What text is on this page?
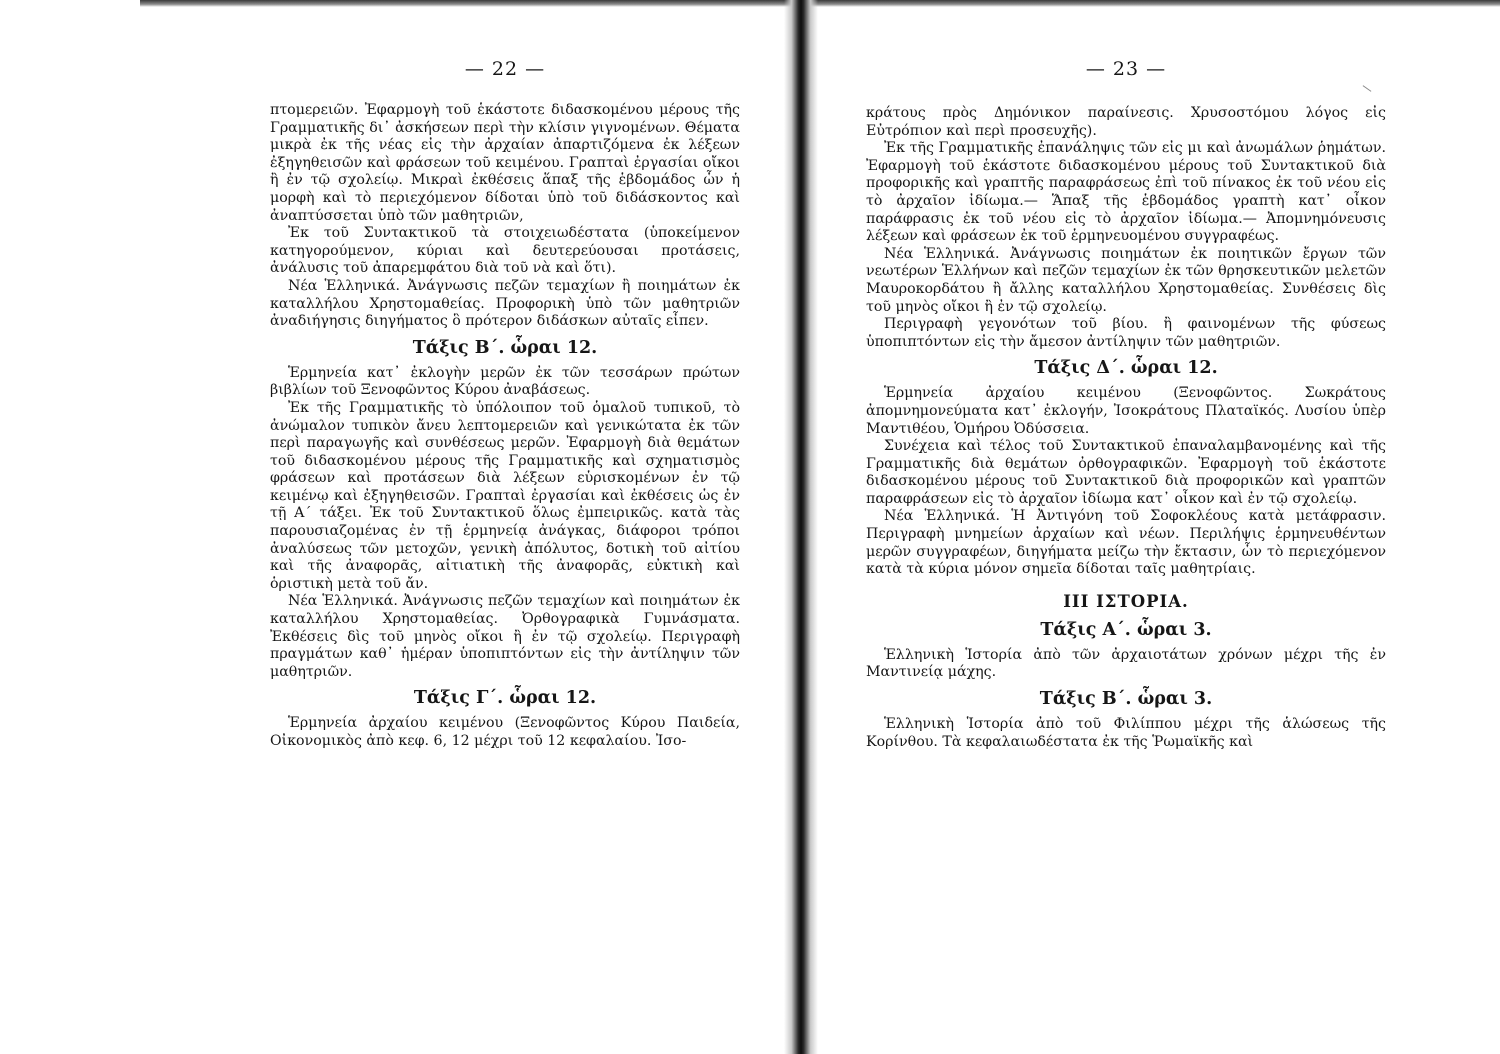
— 22 —

πτομερειῶν. Ἐφαρμογὴ τοῦ ἑκάστοτε διδασκομένου μέρους τῆς Γραμματικῆς δι᾽ ἀσκήσεων περὶ τὴν κλίσιν γιγνομένων. Θέματα μικρὰ ἐκ τῆς νέας εἰς τὴν ἀρχαίαν ἀπαρτιζόμενα ἐκ λέξεων ἐξηγηθεισῶν καὶ φράσεων τοῦ κειμένου. Γραπταὶ ἐργασίαι οἴκοι ἢ ἐν τῷ σχολείῳ. Μικραὶ ἐκθέσεις ἅπαξ τῆς ἑβδομάδος ὧν ἡ μορφὴ καὶ τὸ περιεχόμενον δίδοται ὑπὸ τοῦ διδάσκοντος καὶ ἀναπτύσσεται ὑπὸ τῶν μαθητριῶν,

Ἐκ τοῦ Συντακτικοῦ τὰ στοιχειωδέστατα (ὑποκείμενον κατηγορούμενον, κύριαι καὶ δευτερεύουσαι προτάσεις, ἀνάλυσις τοῦ ἀπαρεμφάτου διὰ τοῦ νὰ καὶ ὅτι).

Νέα Ἑλληνικά. Ἀνάγνωσις πεζῶν τεμαχίων ἢ ποιημάτων ἐκ καταλλήλου Χρηστομαθείας. Προφορικὴ ὑπὸ τῶν μαθητριῶν ἀναδιήγησις διηγήματος ὃ πρότερον διδάσκων αὐταῖς εἶπεν.

Τάξις Β΄. ὧραι 12.

Ἑρμηνεία κατ᾽ ἐκλογὴν μερῶν ἐκ τῶν τεσσάρων πρώτων βιβλίων τοῦ Ξενοφῶντος Κύρου ἀναβάσεως.

Ἐκ τῆς Γραμματικῆς τὸ ὑπόλοιπον τοῦ ὁμαλοῦ τυπικοῦ, τὸ ἀνώμαλον τυπικὸν ἄνευ λεπτομερειῶν καὶ γενικώτατα ἐκ τῶν περὶ παραγωγῆς καὶ συνθέσεως μερῶν. Ἐφαρμογὴ διὰ θεμάτων τοῦ διδασκομένου μέρους τῆς Γραμματικῆς καὶ σχηματισμὸς φράσεων καὶ προτάσεων διὰ λέξεων εὑρισκομένων ἐν τῷ κειμένῳ καὶ ἐξηγηθεισῶν. Γραπταὶ ἐργασίαι καὶ ἐκθέσεις ὡς ἐν τῇ Α΄ τάξει. Ἐκ τοῦ Συντακτικοῦ ὅλως ἐμπειρικῶς. κατὰ τὰς παρουσιαζομένας ἐν τῇ ἑρμηνείᾳ ἀνάγκας, διάφοροι τρόποι ἀναλύσεως τῶν μετοχῶν, γενικὴ ἀπόλυτος, δοτικὴ τοῦ αἰτίου καὶ τῆς ἀναφορᾶς, αἰτιατικὴ τῆς ἀναφορᾶς, εὐκτικὴ καὶ ὁριστικὴ μετὰ τοῦ ἄν.

Νέα Ἑλληνικά. Ἀνάγνωσις πεζῶν τεμαχίων καὶ ποιημάτων ἐκ καταλλήλου Χρηστομαθείας. Ὀρθογραφικὰ Γυμνάσματα. Ἐκθέσεις δὶς τοῦ μηνὸς οἴκοι ἢ ἐν τῷ σχολείῳ. Περιγραφὴ πραγμάτων καθ᾽ ἡμέραν ὑποπιπτόντων εἰς τὴν ἀντίληψιν τῶν μαθητριῶν.

Τάξις Γ΄. ὧραι 12.

Ἑρμηνεία ἀρχαίου κειμένου (Ξενοφῶντος Κύρου Παιδεία, Οἰκονομικὸς ἀπὸ κεφ. 6, 12 μέχρι τοῦ 12 κεφαλαίου. Ἰσο-

— 23 —

κράτους πρὸς Δημόνικον παραίνεσις. Χρυσοστόμου λόγος εἰς Εὐτρόπιον καὶ περὶ προσευχῆς).

Ἐκ τῆς Γραμματικῆς ἐπανάληψις τῶν εἰς μι καὶ ἀνωμάλων ῥημάτων. Ἐφαρμογὴ τοῦ ἑκάστοτε διδασκομένου μέρους τοῦ Συντακτικοῦ διὰ προφορικῆς καὶ γραπτῆς παραφράσεως ἐπὶ τοῦ πίνακος ἐκ τοῦ νέου εἰς τὸ ἀρχαῖον ἰδίωμα.— Ἅπαξ τῆς ἑβδομάδος γραπτὴ κατ᾽ οἶκον παράφρασις ἐκ τοῦ νέου εἰς τὸ ἀρχαῖον ἰδίωμα.— Ἀπομνημόνευσις λέξεων καὶ φράσεων ἐκ τοῦ ἑρμηνευομένου συγγραφέως.

Νέα Ἑλληνικά. Ἀνάγνωσις ποιημάτων ἐκ ποιητικῶν ἔργων τῶν νεωτέρων Ἑλλήνων καὶ πεζῶν τεμαχίων ἐκ τῶν θρησκευτικῶν μελετῶν Μαυροκορδάτου ἢ ἄλλης καταλλήλου Χρηστομαθείας. Συνθέσεις δὶς τοῦ μηνὸς οἴκοι ἢ ἐν τῷ σχολείῳ.

Περιγραφὴ γεγονότων τοῦ βίου. ἢ φαινομένων τῆς φύσεως ὑποπιπτόντων εἰς τὴν ἄμεσον ἀντίληψιν τῶν μαθητριῶν.

Τάξις Δ΄. ὧραι 12.

Ἑρμηνεία ἀρχαίου κειμένου (Ξενοφῶντος. Σωκράτους ἀπομνημονεύματα κατ᾽ ἐκλογήν, Ἰσοκράτους Πλαταϊκός. Λυσίου ὑπὲρ Μαντιθέου, Ὁμήρου Ὀδύσσεια.

Συνέχεια καὶ τέλος τοῦ Συντακτικοῦ ἐπαναλαμβανομένης καὶ τῆς Γραμματικῆς διὰ θεμάτων ὀρθογραφικῶν. Ἐφαρμογὴ τοῦ ἑκάστοτε διδασκομένου μέρους τοῦ Συντακτικοῦ διὰ προφορικῶν καὶ γραπτῶν παραφράσεων εἰς τὸ ἀρχαῖον ἰδίωμα κατ᾽ οἶκον καὶ ἐν τῷ σχολείῳ.

Νέα Ἑλληνικά. Ἡ Ἀντιγόνη τοῦ Σοφοκλέους κατὰ μετάφρασιν. Περιγραφὴ μνημείων ἀρχαίων καὶ νέων. Περιλήψις ἑρμηνευθέντων μερῶν συγγραφέων, διηγήματα μείζω τὴν ἔκτασιν, ὧν τὸ περιεχόμενον κατὰ τὰ κύρια μόνον σημεῖα δίδοται ταῖς μαθητρίαις.

ΙΙΙ ΙΣΤΟΡΙΑ.
Τάξις Α΄. ὧραι 3.

Ἑλληνικὴ Ἱστορία ἀπὸ τῶν ἀρχαιοτάτων χρόνων μέχρι τῆς ἐν Μαντινείᾳ μάχης.

Τάξις Β΄. ὧραι 3.

Ἑλληνικὴ Ἱστορία ἀπὸ τοῦ Φιλίππου μέχρι τῆς ἁλώσεως τῆς Κορίνθου. Τὰ κεφαλαιωδέστατα ἐκ τῆς Ῥωμαϊκῆς καὶ
